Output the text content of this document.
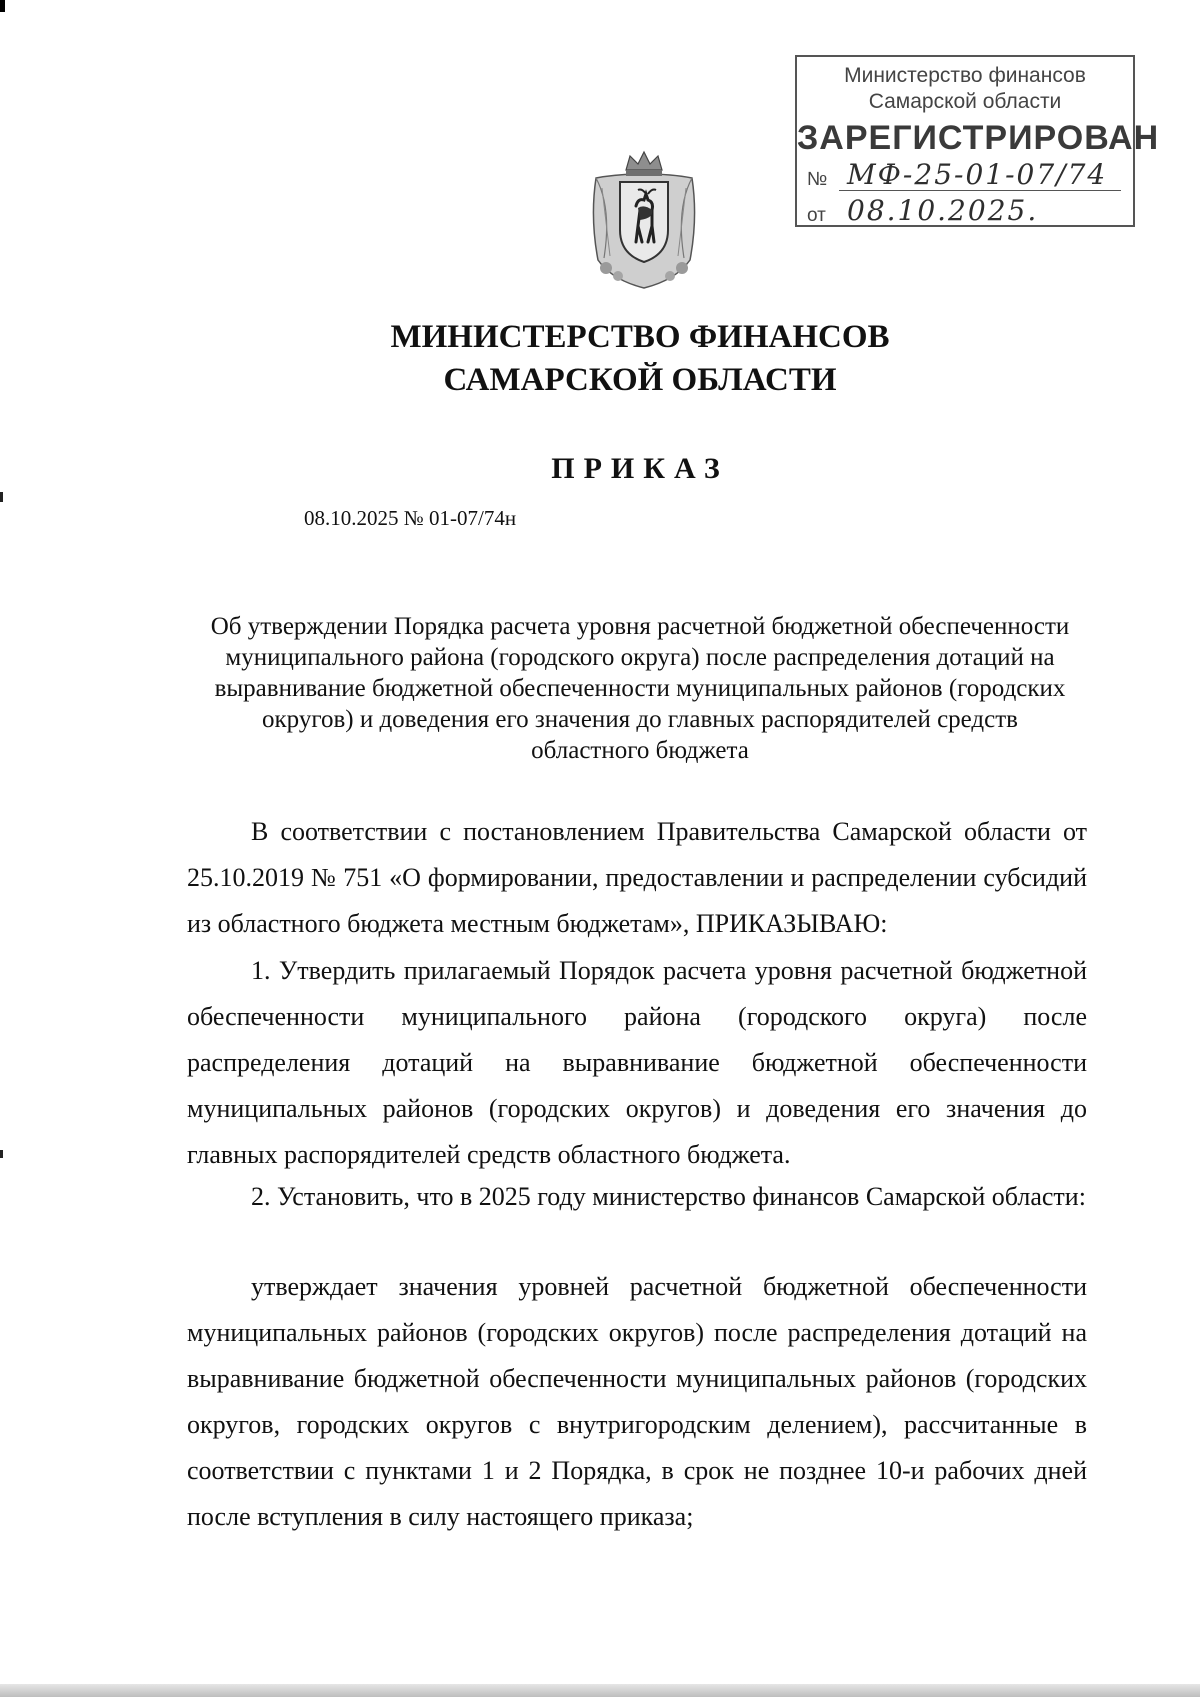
Министерство финансов
Самарской области
ЗАРЕГИСТРИРОВАН
№ МФ-25-01-07/74
от 08.10.2025.
МИНИСТЕРСТВО ФИНАНСОВ
САМАРСКОЙ ОБЛАСТИ
ПРИКАЗ
08.10.2025 № 01-07/74н
Об утверждении Порядка расчета уровня расчетной бюджетной обеспеченности муниципального района (городского округа) после распределения дотаций на выравнивание бюджетной обеспеченности муниципальных районов (городских округов) и доведения его значения до главных распорядителей средств областного бюджета
В соответствии с постановлением Правительства Самарской области от 25.10.2019 № 751 «О формировании, предоставлении и распределении субсидий из областного бюджета местным бюджетам», ПРИКАЗЫВАЮ:
1. Утвердить прилагаемый Порядок расчета уровня расчетной бюджетной обеспеченности муниципального района (городского округа) после распределения дотаций на выравнивание бюджетной обеспеченности муниципальных районов (городских округов) и доведения его значения до главных распорядителей средств областного бюджета.
2. Установить, что в 2025 году министерство финансов Самарской области:
утверждает значения уровней расчетной бюджетной обеспеченности муниципальных районов (городских округов) после распределения дотаций на выравнивание бюджетной обеспеченности муниципальных районов (городских округов, городских округов с внутригородским делением), рассчитанные в соответствии с пунктами 1 и 2 Порядка, в срок не позднее 10-и рабочих дней после вступления в силу настоящего приказа;
